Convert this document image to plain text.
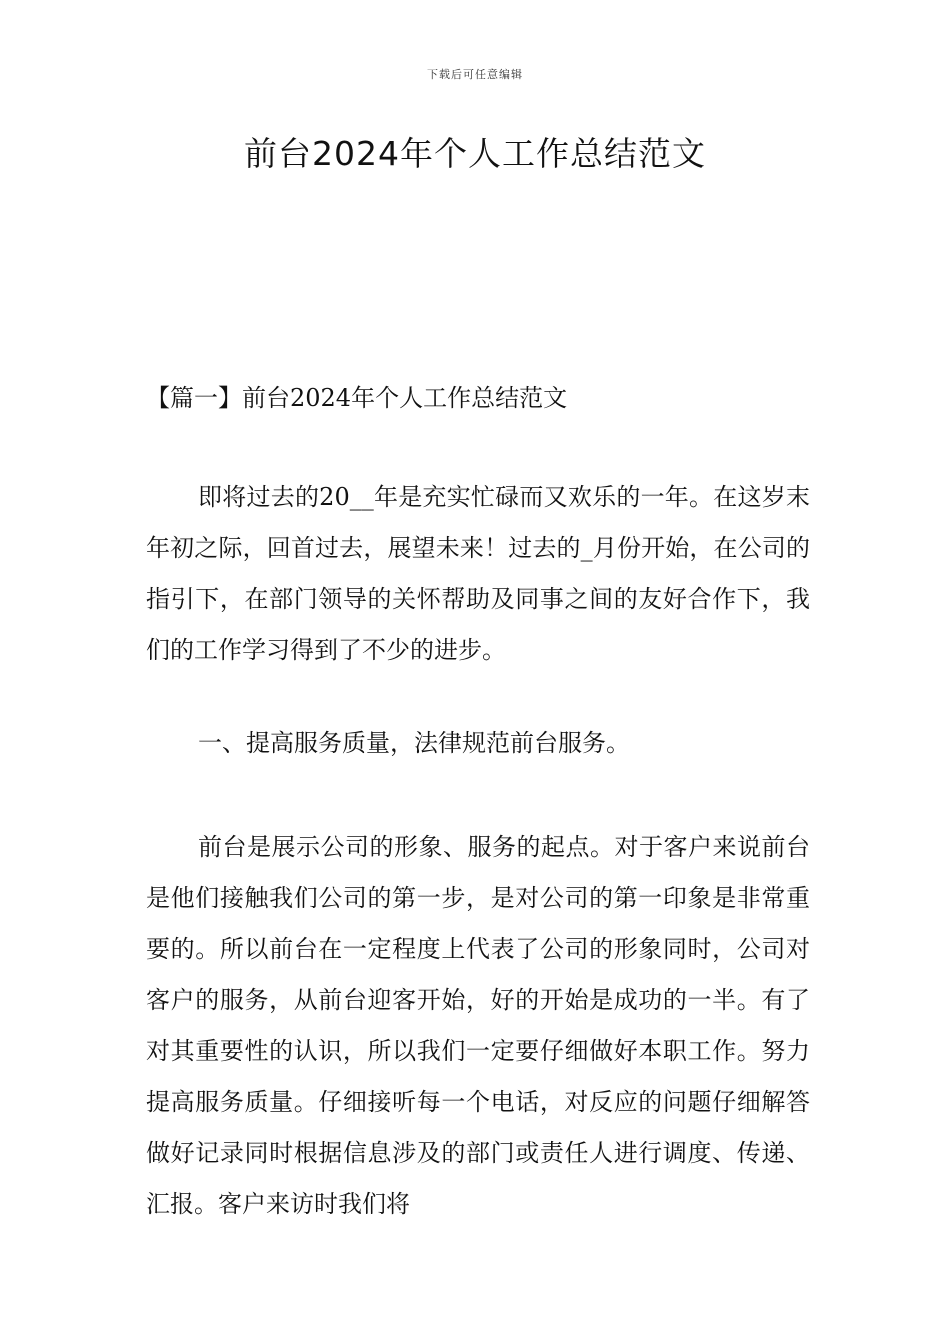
下载后可任意编辑
前台2024年个人工作总结范文
【篇一】前台2024年个人工作总结范文

即将过去的20__年是充实忙碌而又欢乐的一年。在这岁末年初之际，回首过去，展望未来！过去的_月份开始，在公司的指引下，在部门领导的关怀帮助及同事之间的友好合作下，我们的工作学习得到了不少的进步。

一、提高服务质量，法律规范前台服务。

前台是展示公司的形象、服务的起点。对于客户来说前台是他们接触我们公司的第一步，是对公司的第一印象是非常重要的。所以前台在一定程度上代表了公司的形象同时，公司对客户的服务，从前台迎客开始，好的开始是成功的一半。有了对其重要性的认识，所以我们一定要仔细做好本职工作。努力提高服务质量。仔细接听每一个电话，对反应的问题仔细解答做好记录同时根据信息涉及的部门或责任人进行调度、传递、汇报。客户来访时我们将
